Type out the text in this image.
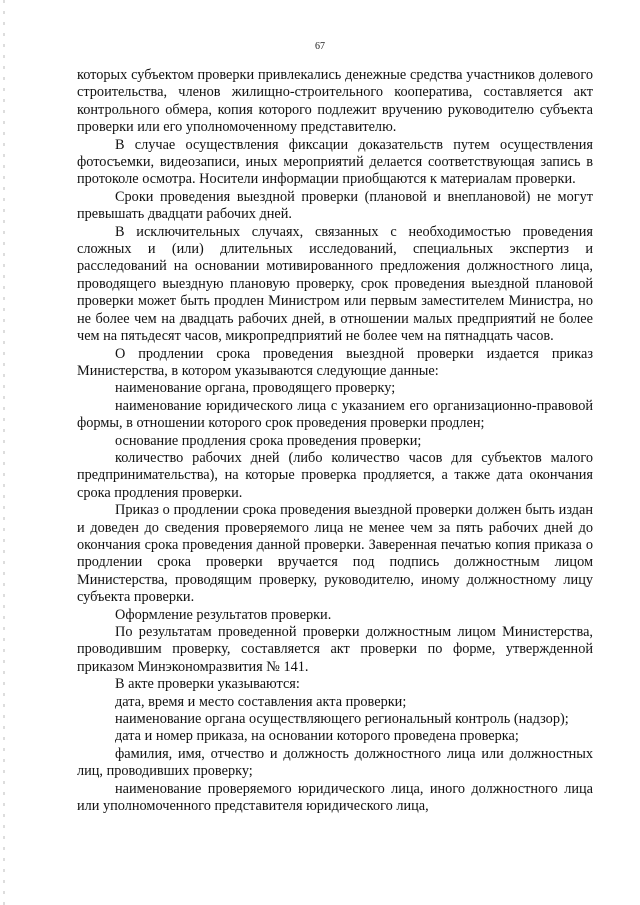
67

которых субъектом проверки привлекались денежные средства участников долевого строительства, членов жилищно-строительного кооператива, составляется акт контрольного обмера, копия которого подлежит вручению руководителю субъекта проверки или его уполномоченному представителю.

В случае осуществления фиксации доказательств путем осуществления фотосъемки, видеозаписи, иных мероприятий делается соответствующая запись в протоколе осмотра. Носители информации приобщаются к материалам проверки.

Сроки проведения выездной проверки (плановой и внеплановой) не могут превышать двадцати рабочих дней.

В исключительных случаях, связанных с необходимостью проведения сложных и (или) длительных исследований, специальных экспертиз и расследований на основании мотивированного предложения должностного лица, проводящего выездную плановую проверку, срок проведения выездной плановой проверки может быть продлен Министром или первым заместителем Министра, но не более чем на двадцать рабочих дней, в отношении малых предприятий не более чем на пятьдесят часов, микропредприятий не более чем на пятнадцать часов.

О продлении срока проведения выездной проверки издается приказ Министерства, в котором указываются следующие данные:

наименование органа, проводящего проверку;

наименование юридического лица с указанием его организационно-правовой формы, в отношении которого срок проведения проверки продлен;

основание продления срока проведения проверки;

количество рабочих дней (либо количество часов для субъектов малого предпринимательства), на которые проверка продляется, а также дата окончания срока продления проверки.

Приказ о продлении срока проведения выездной проверки должен быть издан и доведен до сведения проверяемого лица не менее чем за пять рабочих дней до окончания срока проведения данной проверки. Заверенная печатью копия приказа о продлении срока проверки вручается под подпись должностным лицом Министерства, проводящим проверку, руководителю, иному должностному лицу субъекта проверки.

Оформление результатов проверки.

По результатам проведенной проверки должностным лицом Министерства, проводившим проверку, составляется акт проверки по форме, утвержденной приказом Минэкономразвития № 141.

В акте проверки указываются:

дата, время и место составления акта проверки;

наименование органа осуществляющего региональный контроль (надзор);

дата и номер приказа, на основании которого проведена проверка;

фамилия, имя, отчество и должность должностного лица или должностных лиц, проводивших проверку;

наименование проверяемого юридического лица, иного должностного лица или уполномоченного представителя юридического лица,
